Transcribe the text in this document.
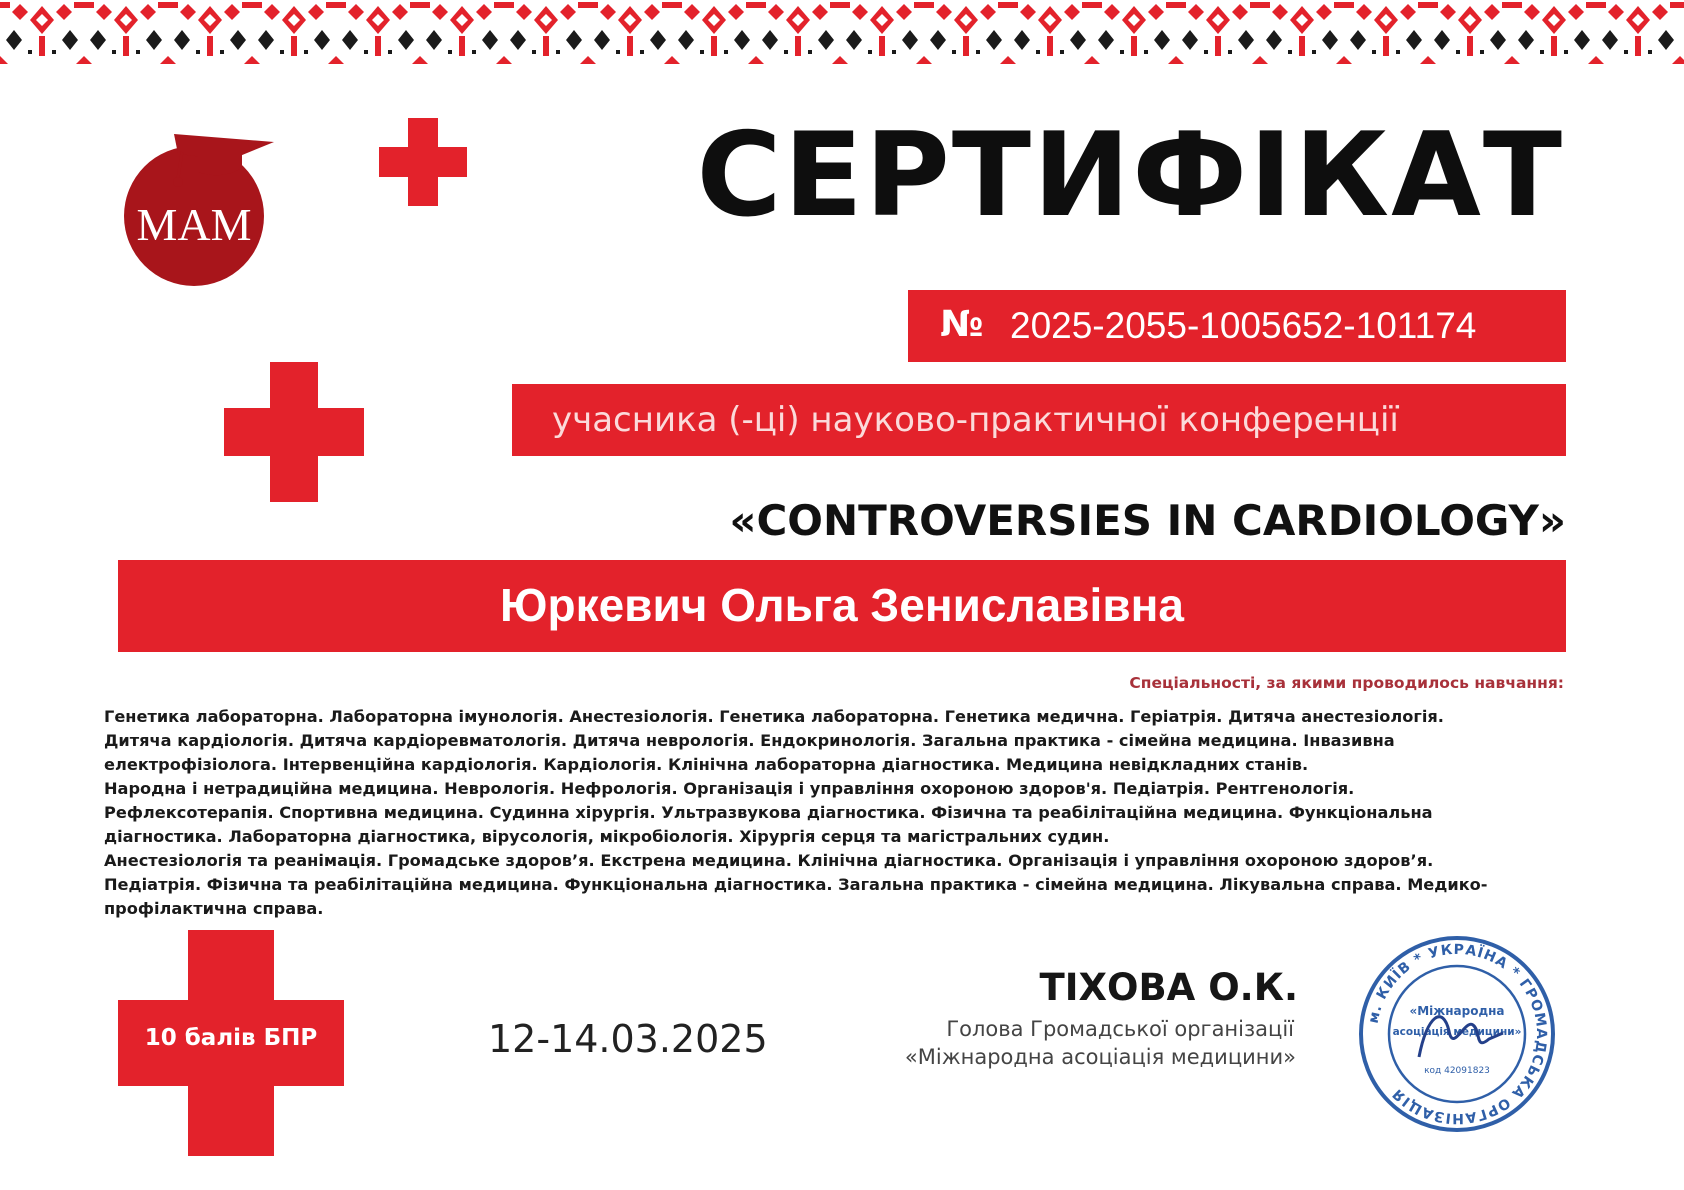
MAM	СЕРТИФІКАТ
№ 2025-2055-1005652-101174
учасника (-ці) науково-практичної конференції
«CONTROVERSIES IN CARDIOLOGY»
Юркевич Ольга Зениславівна
Спеціальності, за якими проводилось навчання:
Генетика лабораторна. Лабораторна імунологія. Анестезіологія. Генетика лабораторна. Генетика медична. Геріатрія. Дитяча анестезіологія.
Дитяча кардіологія. Дитяча кардіоревматологія. Дитяча неврологія. Ендокринологія. Загальна практика - сімейна медицина. Інвазивна
електрофізіолога. Інтервенційна кардіологія. Кардіологія. Клінічна лабораторна діагностика. Медицина невідкладних станів.
Народна і нетрадиційна медицина. Неврологія. Нефрологія. Організація і управління охороною здоров'я. Педіатрія. Рентгенологія.
Рефлексотерапія. Спортивна медицина. Судинна хірургія. Ультразвукова діагностика. Фізична та реабілітаційна медицина. Функціональна
діагностика. Лабораторна діагностика, вірусологія, мікробіологія. Хірургія серця та магістральних судин.
Анестезіологія та реанімація. Громадське здоров’я. Екстрена медицина. Клінічна діагностика. Організація і управління охороною здоров’я.
Педіатрія. Фізична та реабілітаційна медицина. Функціональна діагностика. Загальна практика - сімейна медицина. Лікувальна справа. Медико-
профілактична справа.
10 балів БПР	12-14.03.2025
ТІХОВА О.К.
Голова Громадської організації
«Міжнародна асоціація медицини»
м. КИЇВ * УКРАЇНА * ГРОМАДСЬКА ОРГАНІЗАЦІЯ
«Міжнародна
асоціація медицини»
код 42091823
